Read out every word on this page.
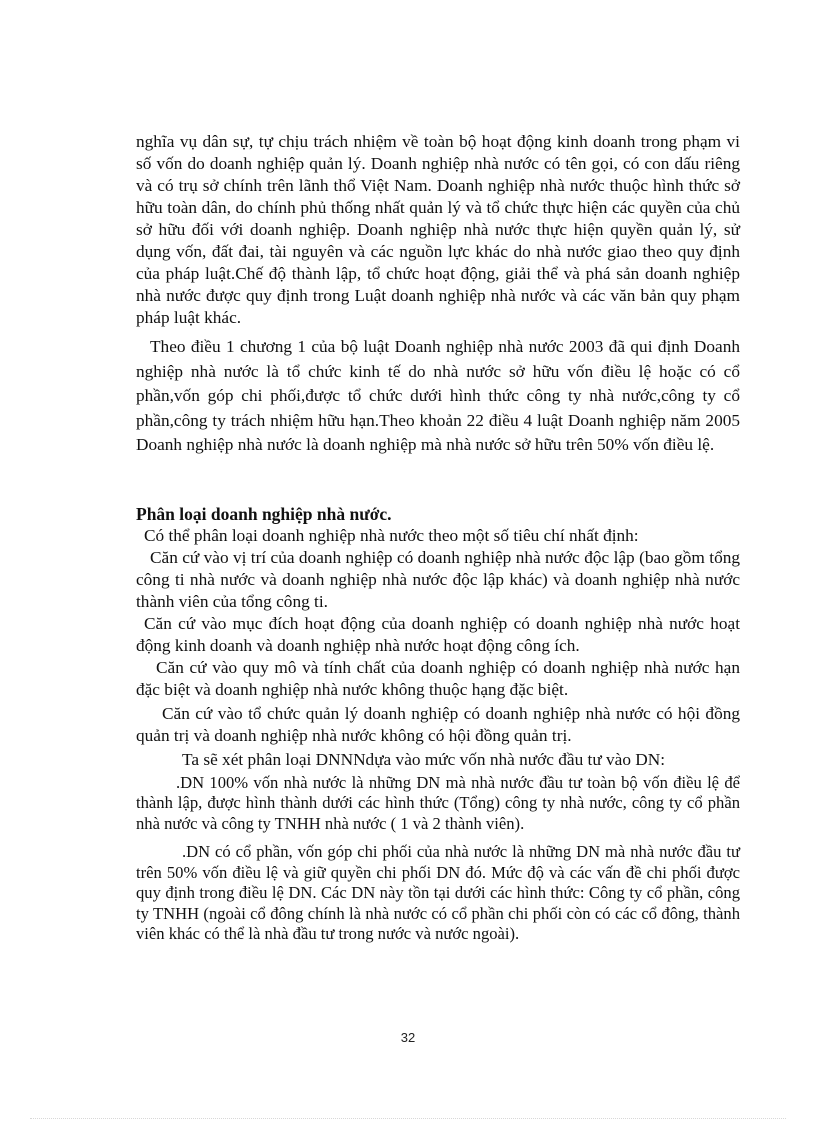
nghĩa vụ dân sự, tự chịu trách nhiệm về toàn bộ hoạt động kinh doanh trong phạm vi số vốn do doanh nghiệp quản lý. Doanh nghiệp nhà nước có tên gọi, có con dấu riêng và có trụ sở chính trên lãnh thổ Việt Nam. Doanh nghiệp nhà nước thuộc hình thức sở hữu toàn dân, do chính phủ thống nhất quản lý và tổ chức thực hiện các quyền của chủ sở hữu đối với doanh nghiệp. Doanh nghiệp nhà nước thực hiện quyền quản lý, sử dụng vốn, đất đai, tài nguyên và các nguồn lực khác do nhà nước giao theo quy định của pháp luật.Chế độ thành lập, tổ chức hoạt động, giải thể và phá sản doanh nghiệp nhà nước được quy định trong Luật doanh nghiệp nhà nước và các văn bản quy phạm pháp luật khác.

Theo điều 1 chương 1 của bộ luật Doanh nghiệp nhà nước 2003 đã qui định Doanh nghiệp nhà nước là tổ chức kinh tế do nhà nước sở hữu vốn điều lệ hoặc có cổ phần,vốn góp chi phối,được tổ chức dưới hình thức công ty nhà nước,công ty cổ phần,công ty trách nhiệm hữu hạn.Theo khoản 22 điều 4 luật Doanh nghiệp năm 2005 Doanh nghiệp nhà nước là doanh nghiệp mà nhà nước sở hữu trên 50% vốn điều lệ.

Phân loại doanh nghiệp nhà nước.

Có thể phân loại doanh nghiệp nhà nước theo một số tiêu chí nhất định:

Căn cứ vào vị trí của doanh nghiệp có doanh nghiệp nhà nước độc lập (bao gồm tổng công ti nhà nước và doanh nghiệp nhà nước độc lập khác) và doanh nghiệp nhà nước thành viên của tổng công ti.

Căn cứ vào mục đích hoạt động của doanh nghiệp có doanh nghiệp nhà nước hoạt động kinh doanh và doanh nghiệp nhà nước hoạt động công ích.

Căn cứ vào quy mô và tính chất của doanh nghiệp có doanh nghiệp nhà nước hạn đặc biệt và doanh nghiệp nhà nước không thuộc hạng đặc biệt.

Căn cứ vào tổ chức quản lý doanh nghiệp có doanh nghiệp nhà nước có hội đồng quản trị và doanh nghiệp nhà nước không có hội đồng quản trị.

Ta sẽ xét phân loại DNNNdựa vào mức vốn nhà nước đầu tư vào DN:

.DN 100% vốn nhà nước là những DN mà nhà nước đầu tư toàn bộ vốn điều lệ để thành lập, được hình thành dưới các hình thức (Tổng) công ty nhà nước, công ty cổ phần nhà nước và công ty TNHH nhà nước ( 1 và 2 thành viên).

.DN có cổ phần, vốn góp chi phối của nhà nước là những DN mà nhà nước đầu tư trên 50% vốn điều lệ và giữ quyền chi phối DN đó. Mức độ và các vấn đề chi phối được quy định trong điều lệ DN. Các DN này tồn tại dưới các hình thức: Công ty cổ phần, công ty TNHH (ngoài cổ đông chính là nhà nước có cổ phần chi phối còn có các cổ đông, thành viên khác có thể là nhà đầu tư trong nước và nước ngoài).

32
